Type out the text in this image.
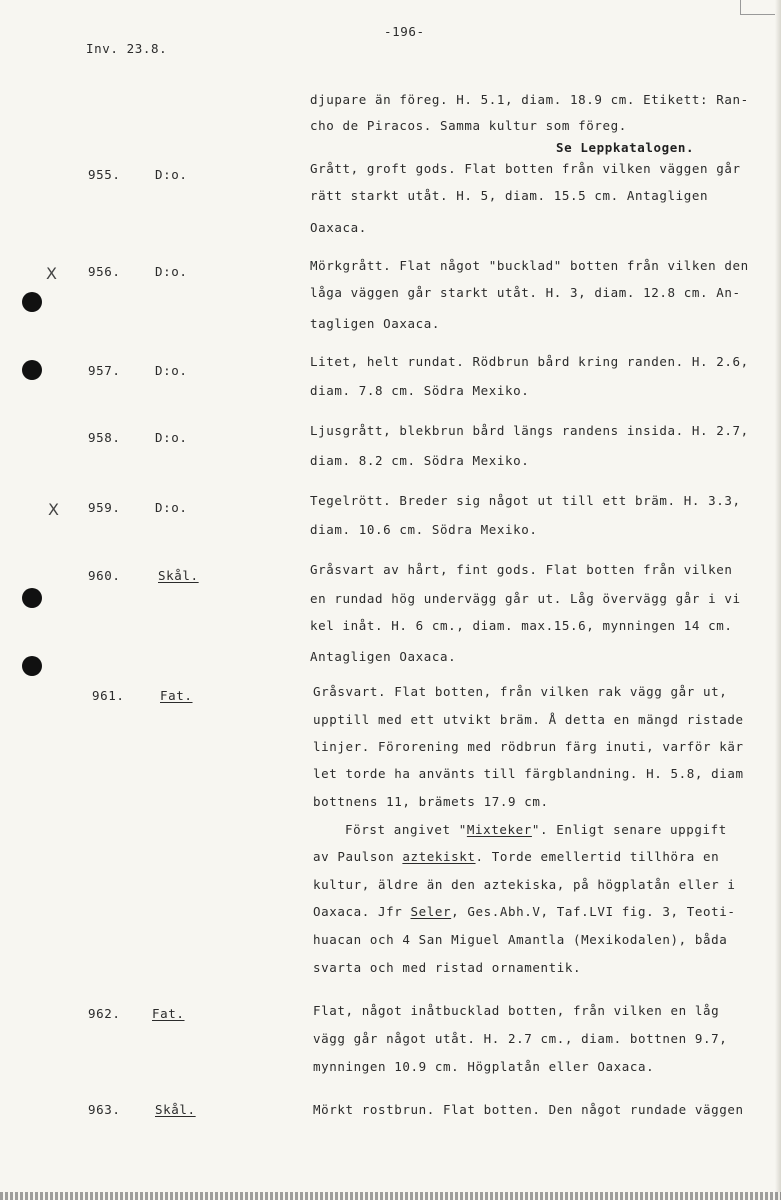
Inv. 23.8.
-196-
djupare än föreg. H. 5.1, diam. 18.9 cm. Etikett: Ran-
cho de Piracos. Samma kultur som föreg.
Se Leppkatalogen.
955.	D:o.	Grått, groft gods. Flat botten från vilken väggen går
rätt starkt utåt. H. 5, diam. 15.5 cm. Antagligen
Oaxaca.
X 956.	D:o.	Mörkgrått. Flat något "bucklad" botten från vilken den
låga väggen går starkt utåt. H. 3, diam. 12.8 cm. An-
tagligen Oaxaca.
957.	D:o.
Litet, helt rundat. Rödbrun bård kring randen. H. 2.6,
diam. 7.8 cm. Södra Mexiko.
958.	D:o.	Ljusgrått, blekbrun bård längs randens insida. H. 2.7,
diam. 8.2 cm. Södra Mexiko.
X 959.	D:o.	Tegelrött. Breder sig något ut till ett bräm. H. 3.3,
diam. 10.6 cm. Södra Mexiko.
960.	Skål.	Gråsvart av hårt, fint gods. Flat botten från vilken
en rundad hög undervägg går ut. Låg övervägg går i vi
kel inåt. H. 6 cm., diam. max.15.6, mynningen 14 cm.
Antagligen Oaxaca.
961.	Fat.	Gråsvart. Flat botten, från vilken rak vägg går ut,
upptill med ett utvikt bräm. Å detta en mängd ristade
linjer. Förorening med rödbrun färg inuti, varför kär
let torde ha använts till färgblandning. H. 5.8, diam
bottnens 11, brämets 17.9 cm.
Först angivet "Mixteker". Enligt senare uppgift
av Paulson aztekiskt. Torde emellertid tillhöra en
kultur, äldre än den aztekiska, på högplatån eller i
Oaxaca. Jfr Seler, Ges.Abh.V, Taf.LVI fig. 3, Teoti-
huacan och 4 San Miguel Amantla (Mexikodalen), båda
svarta och med ristad ornamentik.
962.	Fat.	Flat, något inåtbucklad botten, från vilken en låg
vägg går något utåt. H. 2.7 cm., diam. bottnen 9.7,
mynningen 10.9 cm. Högplatån eller Oaxaca.
963.	Skål.	Mörkt rostbrun. Flat botten. Den något rundade väggen
